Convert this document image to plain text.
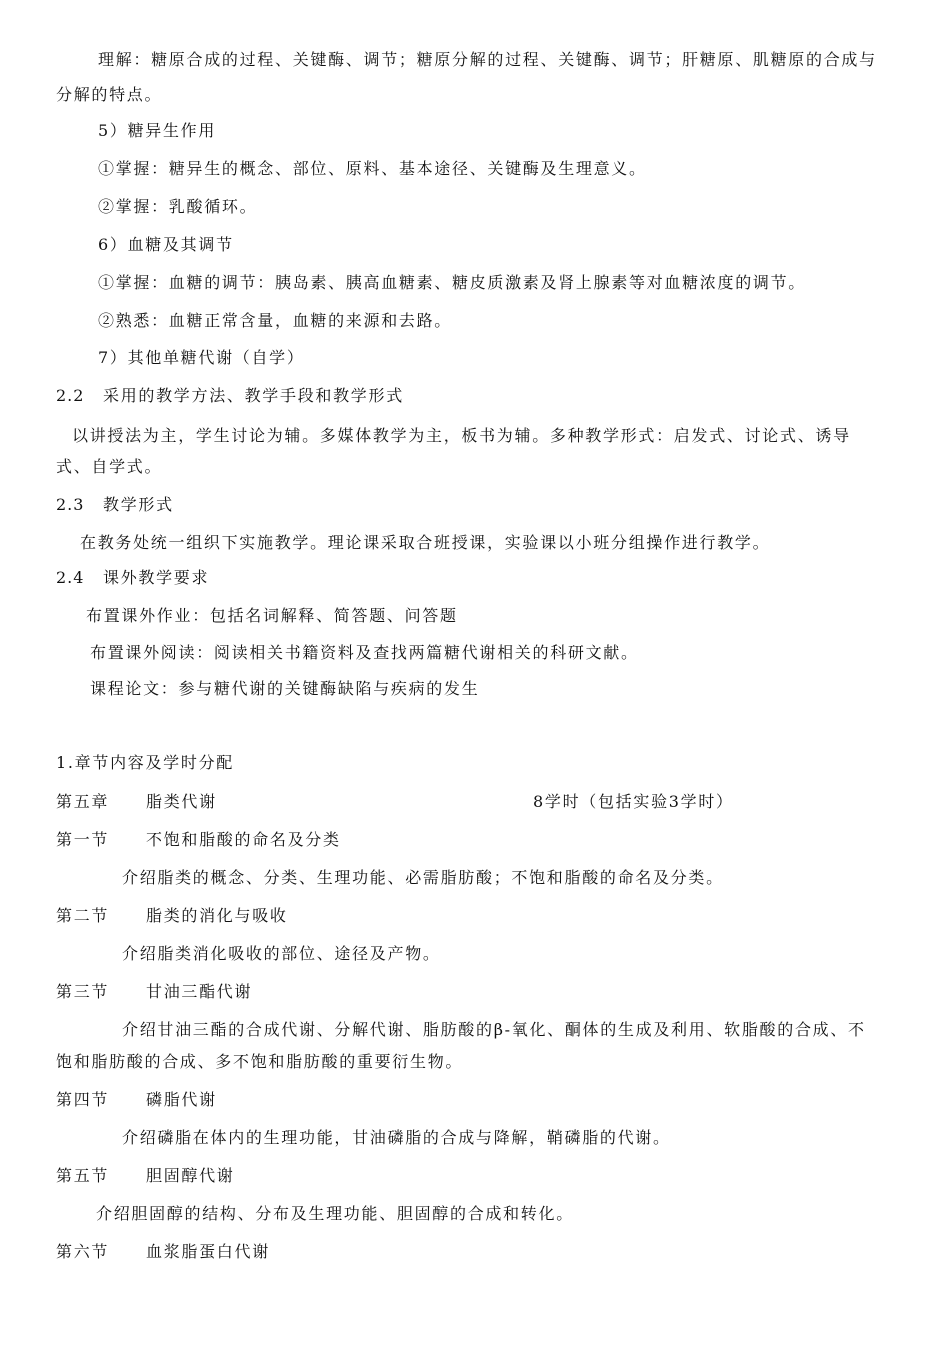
理解：糖原合成的过程、关键酶、调节；糖原分解的过程、关键酶、调节；肝糖原、肌糖原的合成与
分解的特点。
5）糖异生作用
①掌握：糖异生的概念、部位、原料、基本途径、关键酶及生理意义。
②掌握：乳酸循环。
6）血糖及其调节
①掌握：血糖的调节：胰岛素、胰高血糖素、糖皮质激素及肾上腺素等对血糖浓度的调节。
②熟悉：血糖正常含量，血糖的来源和去路。
7）其他单糖代谢（自学）
2.2 采用的教学方法、教学手段和教学形式
以讲授法为主，学生讨论为辅。多媒体教学为主，板书为辅。多种教学形式：启发式、讨论式、诱导
式、自学式。
2.3 教学形式
在教务处统一组织下实施教学。理论课采取合班授课，实验课以小班分组操作进行教学。
2.4 课外教学要求
布置课外作业：包括名词解释、简答题、问答题
布置课外阅读：阅读相关书籍资料及查找两篇糖代谢相关的科研文献。
课程论文：参与糖代谢的关键酶缺陷与疾病的发生
1.章节内容及学时分配
第五章 脂类代谢	8学时（包括实验3学时）
第一节 不饱和脂酸的命名及分类
介绍脂类的概念、分类、生理功能、必需脂肪酸；不饱和脂酸的命名及分类。
第二节 脂类的消化与吸收
介绍脂类消化吸收的部位、途径及产物。
第三节 甘油三酯代谢
介绍甘油三酯的合成代谢、分解代谢、脂肪酸的β-氧化、酮体的生成及利用、软脂酸的合成、不
饱和脂肪酸的合成、多不饱和脂肪酸的重要衍生物。
第四节 磷脂代谢
介绍磷脂在体内的生理功能，甘油磷脂的合成与降解，鞘磷脂的代谢。
第五节 胆固醇代谢
介绍胆固醇的结构、分布及生理功能、胆固醇的合成和转化。
第六节 血浆脂蛋白代谢
